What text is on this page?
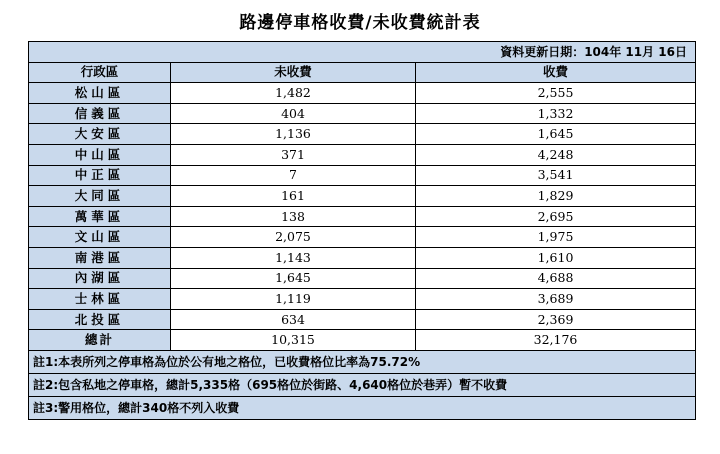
路邊停車格收費/未收費統計表
資料更新日期：104年 11月 16日		
行政區	未收費	收費
松山區	1,482	2,555
信義區	404	1,332
大安區	1,136	1,645
中山區	371	4,248
中正區	7	3,541
大同區	161	1,829
萬華區	138	2,695
文山區	2,075	1,975
南港區	1,143	1,610
內湖區	1,645	4,688
士林區	1,119	3,689
北投區	634	2,369
總計	10,315	32,176
註1:本表所列之停車格為位於公有地之格位，已收費格位比率為75.72%		
註2:包含私地之停車格，總計5,335格（695格位於街路、4,640格位於巷弄）暫不收費		
註3:警用格位，總計340格不列入收費		
